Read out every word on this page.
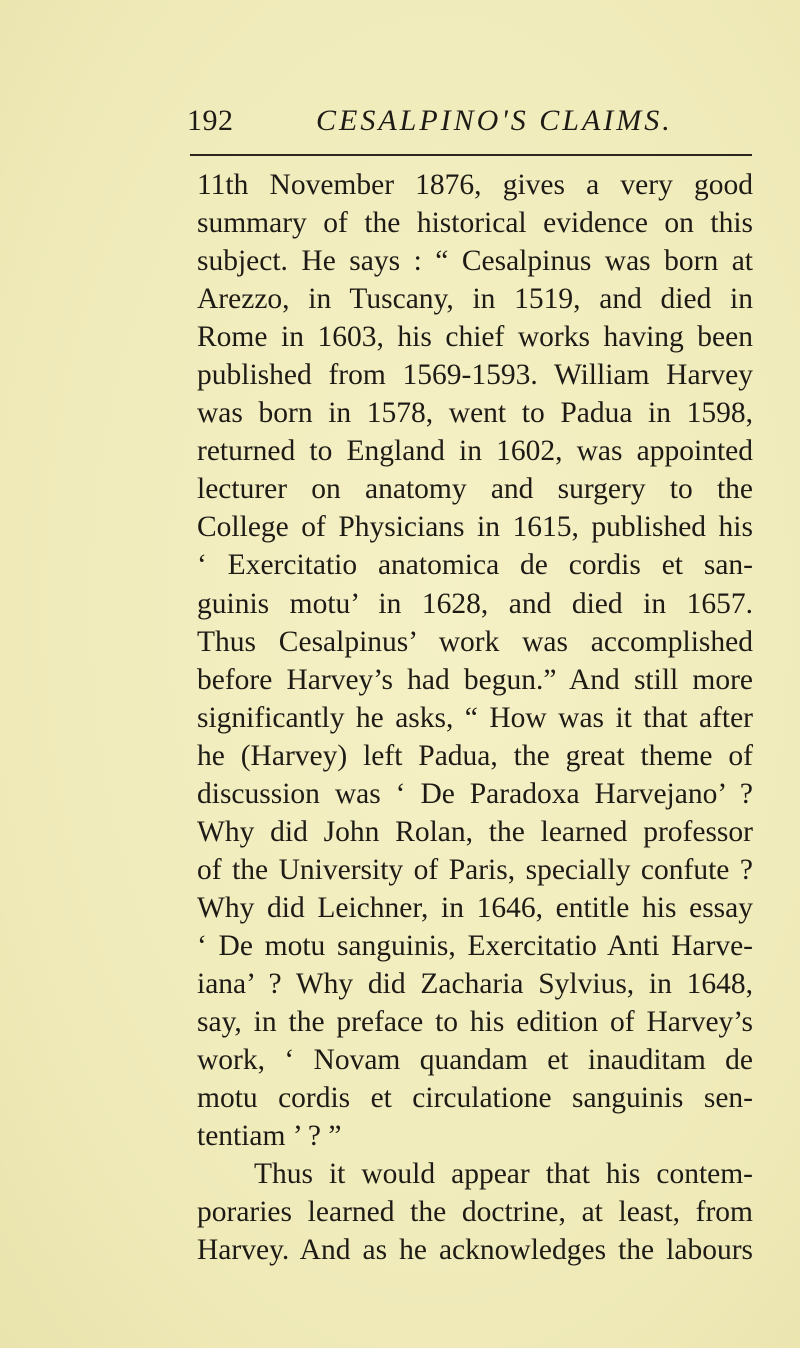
192	CESALPINO'S CLAIMS.
11th November 1876, gives a very good
summary of the historical evidence on this
subject. He says : “ Cesalpinus was born at
Arezzo, in Tuscany, in 1519, and died in
Rome in 1603, his chief works having been
published from 1569-1593. William Harvey
was born in 1578, went to Padua in 1598,
returned to England in 1602, was appointed
lecturer on anatomy and surgery to the
College of Physicians in 1615, published his
‘ Exercitatio anatomica de cordis et san-
guinis motu’ in 1628, and died in 1657.
Thus Cesalpinus’ work was accomplished
before Harvey’s had begun.” And still more
significantly he asks, “ How was it that after
he (Harvey) left Padua, the great theme of
discussion was ‘ De Paradoxa Harvejano’ ?
Why did John Rolan, the learned professor
of the University of Paris, specially confute ?
Why did Leichner, in 1646, entitle his essay
‘ De motu sanguinis, Exercitatio Anti Harve-
iana’ ? Why did Zacharia Sylvius, in 1648,
say, in the preface to his edition of Harvey’s
work, ‘ Novam quandam et inauditam de
motu cordis et circulatione sanguinis sen-
tentiam ’ ? ”
Thus it would appear that his contem-
poraries learned the doctrine, at least, from
Harvey. And as he acknowledges the labours
